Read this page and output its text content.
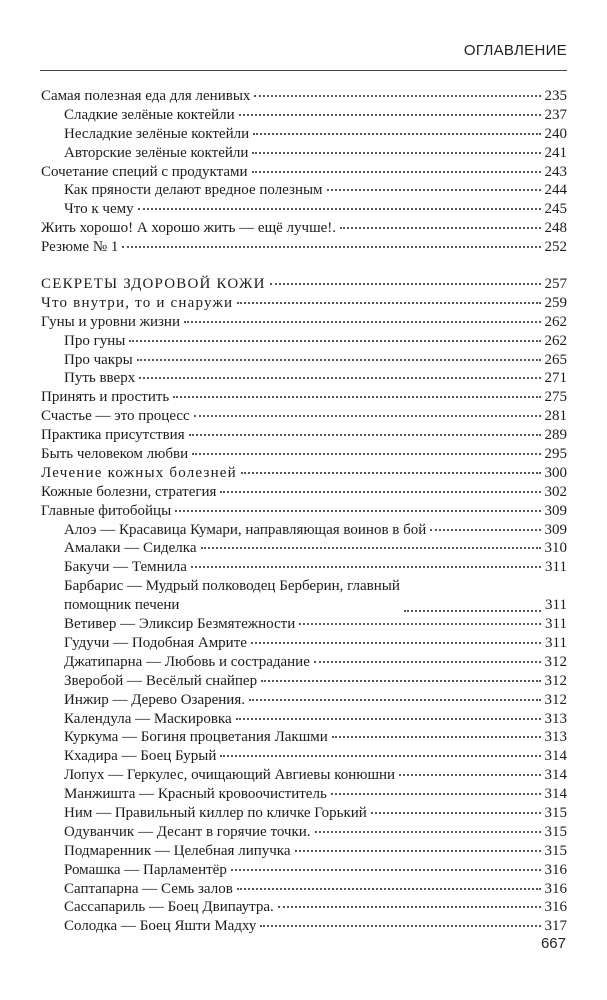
ОГЛАВЛЕНИЕ
Самая полезная еда для ленивых	235
Сладкие зелёные коктейли	237
Несладкие зелёные коктейли	240
Авторские зелёные коктейли	241
Сочетание специй с продуктами	243
Как пряности делают вредное полезным	244
Что к чему	245
Жить хорошо! А хорошо жить — ещё лучше!.	248
Резюме № 1	252
СЕКРЕТЫ ЗДОРОВОЙ КОЖИ	257
Что внутри, то и снаружи	259
Гуны и уровни жизни	262
Про гуны	262
Про чакры	265
Путь вверх	271
Принять и простить	275
Счастье — это процесс	281
Практика присутствия	289
Быть человеком любви	295
Лечение кожных болезней	300
Кожные болезни, стратегия	302
Главные фитобойцы	309
Алоэ — Красавица Кумари, направляющая воинов в бой	309
Амалаки — Сиделка	310
Бакучи — Темнила	311
Барбарис — Мудрый полководец Берберин, главный
помощник печени	311
Ветивер — Эликсир Безмятежности	311
Гудучи — Подобная Амрите	311
Джатипарна — Любовь и сострадание	312
Зверобой — Весёлый снайпер	312
Инжир — Дерево Озарения.	312
Календула — Маскировка	313
Куркума — Богиня процветания Лакшми	313
Кхадира — Боец Бурый	314
Лопух — Геркулес, очищающий Авгиевы конюшни	314
Манжишта — Красный кровоочиститель	314
Ним — Правильный киллер по кличке Горький	315
Одуванчик — Десант в горячие точки.	315
Подмаренник — Целебная липучка	315
Ромашка — Парламентёр	316
Саптапарна — Семь залов	316
Сассапариль — Боец Двипаутра.	316
Солодка — Боец Яшти Мадху	317
667
